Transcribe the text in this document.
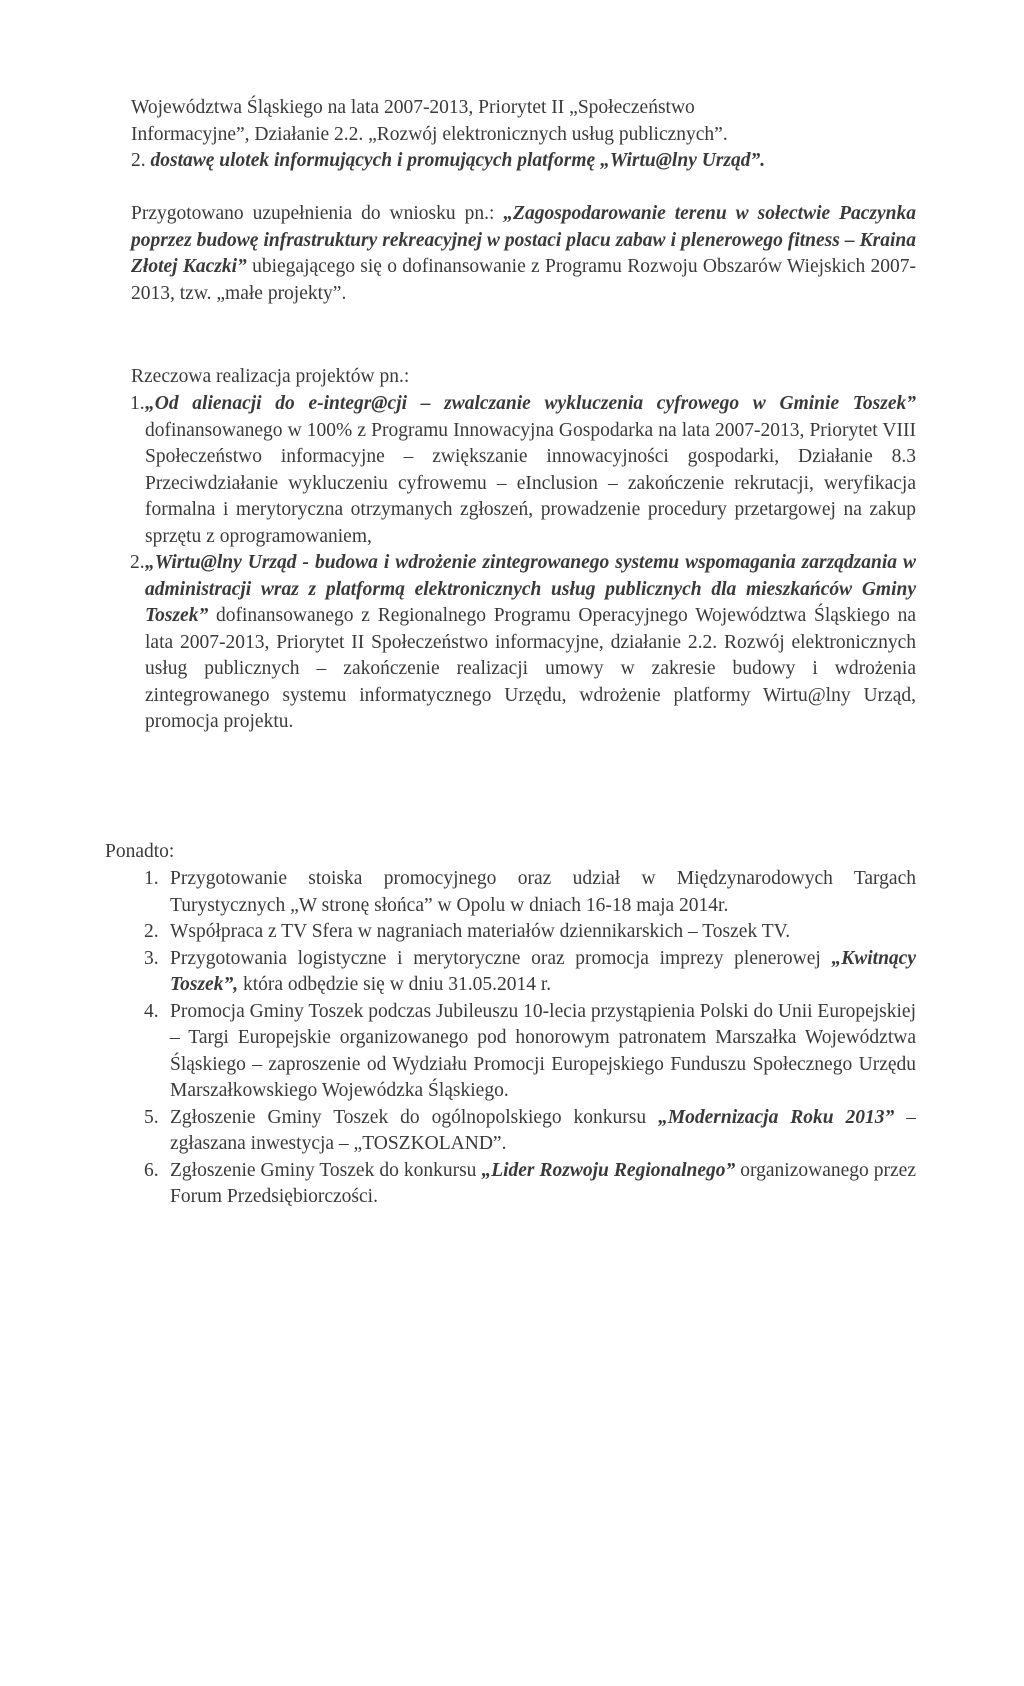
Województwa Śląskiego na lata 2007-2013, Priorytet II „Społeczeństwo
Informacyjne”, Działanie 2.2. „Rozwój elektronicznych usług publicznych”.
2. dostawę ulotek informujących i promujących platformę „Wirtu@lny Urząd”.

Przygotowano uzupełnienia do wniosku pn.: „Zagospodarowanie terenu w sołectwie Paczynka poprzez budowę infrastruktury rekreacyjnej w postaci placu zabaw i plenerowego fitness – Kraina Złotej Kaczki” ubiegającego się o dofinansowanie z Programu Rozwoju Obszarów Wiejskich 2007-2013, tzw. „małe projekty”.

Rzeczowa realizacja projektów pn.:

1. „Od alienacji do e-integr@cji – zwalczanie wykluczenia cyfrowego w Gminie Toszek” dofinansowanego w 100% z Programu Innowacyjna Gospodarka na lata 2007-2013, Priorytet VIII Społeczeństwo informacyjne – zwiększanie innowacyjności gospodarki, Działanie 8.3 Przeciwdziałanie wykluczeniu cyfrowemu – eInclusion – zakończenie rekrutacji, weryfikacja formalna i merytoryczna otrzymanych zgłoszeń, prowadzenie procedury przetargowej na zakup sprzętu z oprogramowaniem,
2. „Wirtu@lny Urząd - budowa i wdrożenie zintegrowanego systemu wspomagania zarządzania w administracji wraz z platformą elektronicznych usług publicznych dla mieszkańców Gminy Toszek” dofinansowanego z Regionalnego Programu Operacyjnego Województwa Śląskiego na lata 2007-2013, Priorytet II Społeczeństwo informacyjne, działanie 2.2. Rozwój elektronicznych usług publicznych – zakończenie realizacji umowy w zakresie budowy i wdrożenia zintegrowanego systemu informatycznego Urzędu, wdrożenie platformy Wirtu@lny Urząd, promocja projektu.

Ponadto:

1. Przygotowanie stoiska promocyjnego oraz udział w Międzynarodowych Targach Turystycznych „W stronę słońca” w Opolu w dniach 16-18 maja 2014r.
2. Współpraca z TV Sfera w nagraniach materiałów dziennikarskich – Toszek TV.
3. Przygotowania logistyczne i merytoryczne oraz promocja imprezy plenerowej „Kwitnący Toszek”, która odbędzie się w dniu 31.05.2014 r.
4. Promocja Gminy Toszek podczas Jubileuszu 10-lecia przystąpienia Polski do Unii Europejskiej – Targi Europejskie organizowanego pod honorowym patronatem Marszałka Województwa Śląskiego – zaproszenie od Wydziału Promocji Europejskiego Funduszu Społecznego Urzędu Marszałkowskiego Wojewódzka Śląskiego.
5. Zgłoszenie Gminy Toszek do ogólnopolskiego konkursu „Modernizacja Roku 2013” – zgłaszana inwestycja – „TOSZKOLAND”.
6. Zgłoszenie Gminy Toszek do konkursu „Lider Rozwoju Regionalnego” organizowanego przez Forum Przedsiębiorczości.
